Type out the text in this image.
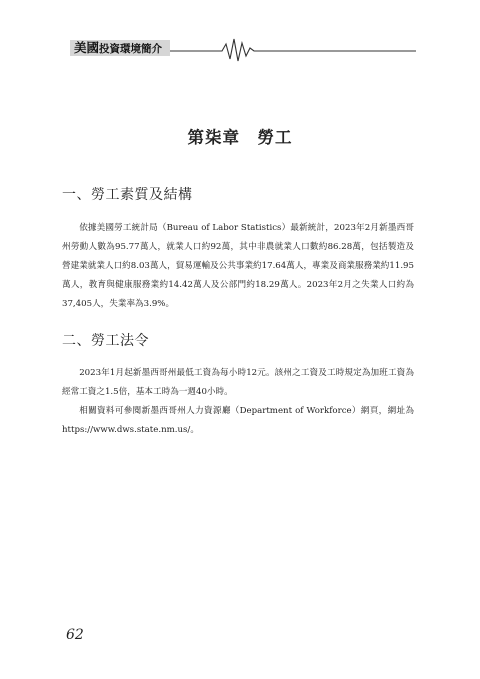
美國投資環境簡介
第柒章　勞工
一、勞工素質及結構
依據美國勞工統計局（Bureau of Labor Statistics）最新統計，2023年2月新墨西哥州勞動人數為95.77萬人，就業人口約92萬，其中非農就業人口數約86.28萬，包括製造及營建業就業人口約8.03萬人，貿易運輸及公共事業約17.64萬人，專業及商業服務業約11.95萬人，教育與健康服務業約14.42萬人及公部門約18.29萬人。2023年2月之失業人口約為37,405人，失業率為3.9%。
二、勞工法令
2023年1月起新墨西哥州最低工資為每小時12元。該州之工資及工時規定為加班工資為經常工資之1.5倍，基本工時為一週40小時。
相關資料可參閱新墨西哥州人力資源廳（Department of Workforce）網頁，網址為https://www.dws.state.nm.us/。
62
